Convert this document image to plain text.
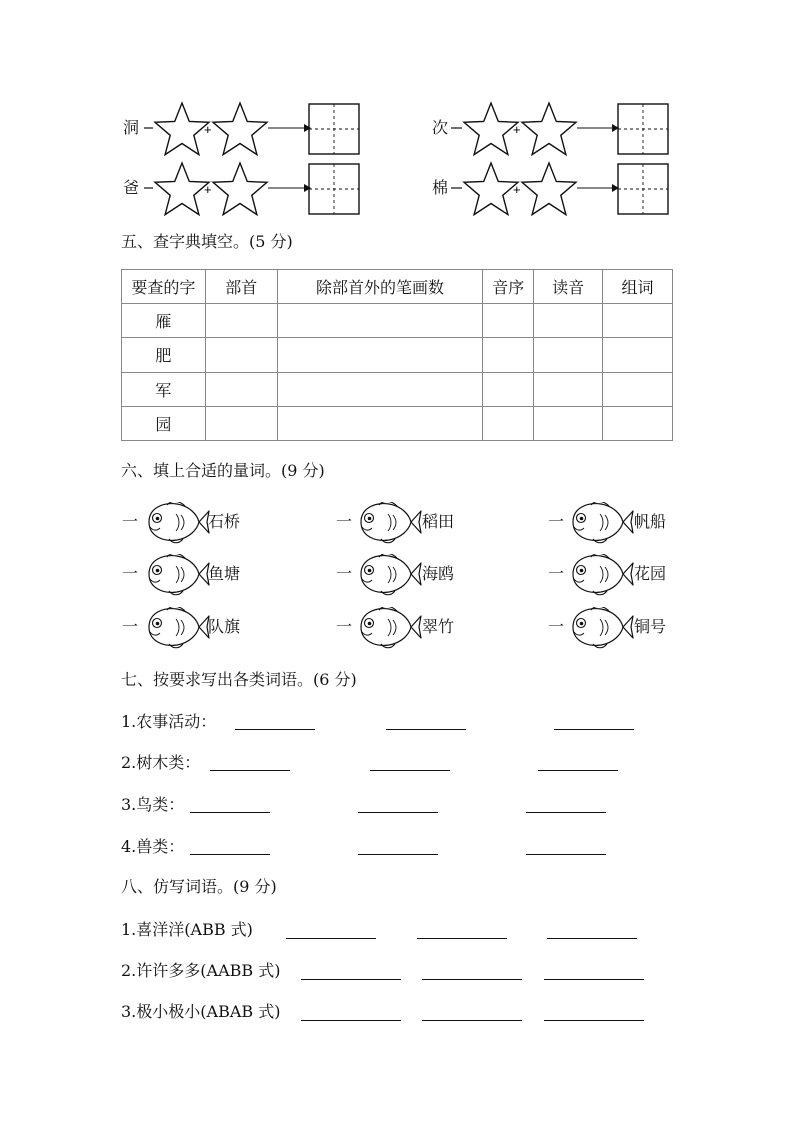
+	+
+	+
洞	次
爸	棉
五、查字典填空。(5 分)
要查的字	部首	除部首外的笔画数	音序	读音	组词
雁					
肥					
军					
园					
六、填上合适的量词。(9 分)
一	石桥	一	稻田	一	帆船
一	鱼塘	一	海鸥	一	花园
一	队旗	一	翠竹	一	铜号
七、按要求写出各类词语。(6 分)
1.农事活动：
2.树木类：
3.鸟类：
4.兽类：
八、仿写词语。(9 分)
1.喜洋洋(ABB 式)
2.许许多多(AABB 式)
3.极小极小(ABAB 式)
